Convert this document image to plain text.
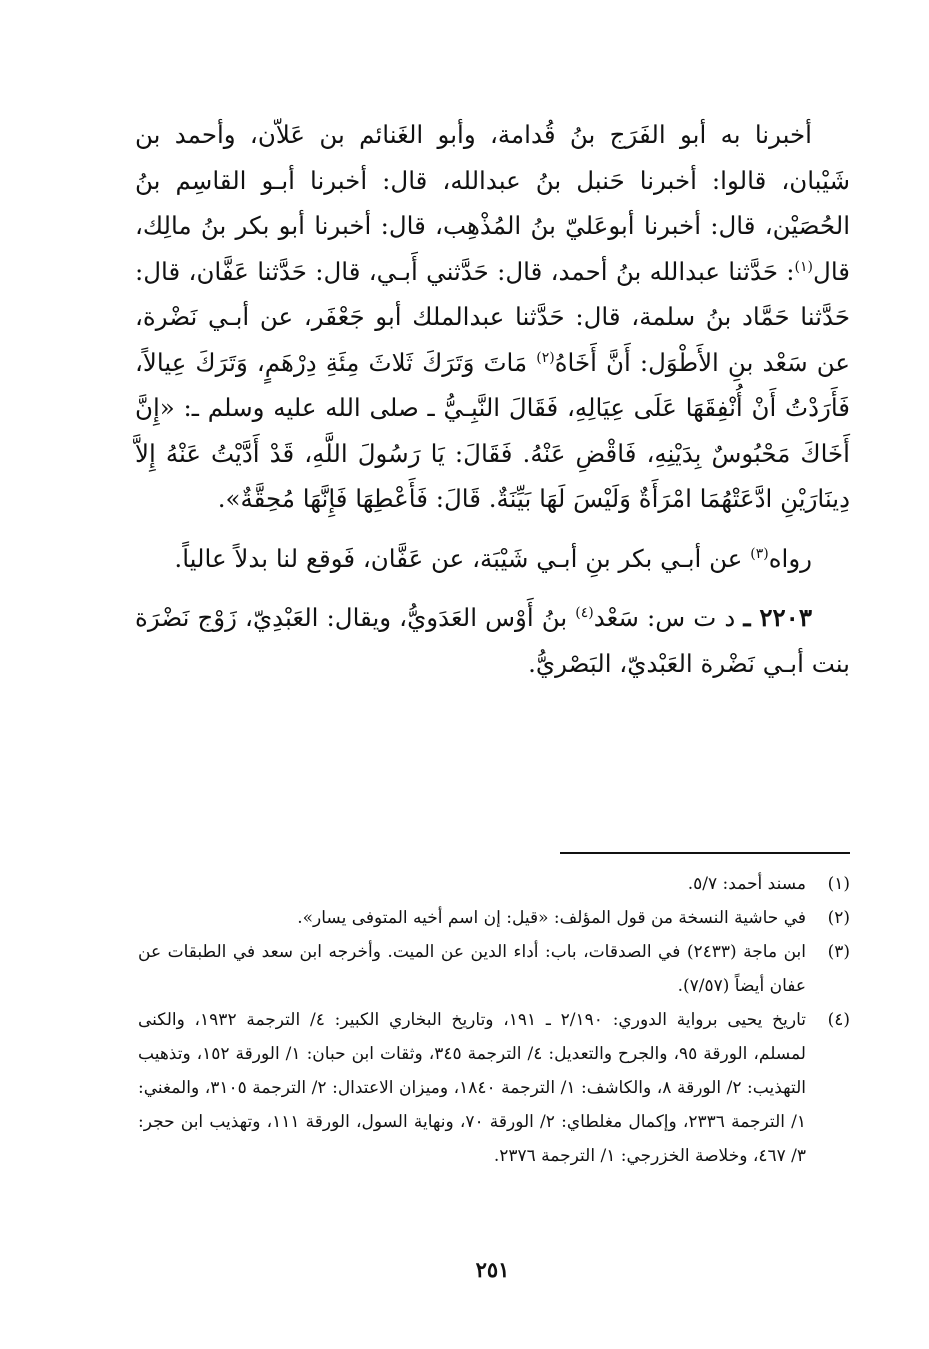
أخبرنا به أبو الفَرَج بنُ قُدامة، وأبو الغَنائم بن عَلاّن، وأحمد بن شَيْبان، قالوا: أخبرنا حَنبل بنُ عبدالله، قال: أخبرنا أبـو القاسِم بنُ الحُصَيْن، قال: أخبرنا أبوعَليّ بنُ المُذْهِب، قال: أخبرنا أبو بكر بنُ مالِك، قال$^{(١)}$: حَدَّثنا عبدالله بنُ أحمد، قال: حَدَّثني أَبـي، قال: حَدَّثنا عَفَّان، قال: حَدَّثنا حَمَّاد بنُ سلمة، قال: حَدَّثنا عبدالملك أبو جَعْفَر، عن أبـي نَضْرة، عن سَعْد بنِ الأَطْوَل: أَنَّ أَخَاهُ$^{(٢)}$ مَاتَ وَتَرَكَ ثَلاثَ مِئَةِ دِرْهَمٍ، وَتَرَكَ عِيالاً، فَأَرَدْتُ أَنْ أُنْفِقَهَا عَلَى عِيَالِهِ، فَقَالَ النَّبِـيُّ ـ صلى الله عليه وسلم ـ: «إِنَّ أَخَاكَ مَحْبُوسٌ بِدَيْنِهِ، فَاقْضِ عَنْهُ. فَقَالَ: يَا رَسُولَ اللَّهِ، قَدْ أَدَّيْتُ عَنْهُ إِلاَّ دِينَارَيْنِ ادَّعَتْهُمَا امْرَأَةٌ وَلَيْسَ لَهَا بَيِّنَةٌ. قَالَ: فَأَعْطِهَا فَإِنَّهَا مُحِقَّةٌ».

رواه$^{(٣)}$ عن أبـي بكر بنِ أبـي شَيْبَة، عن عَفَّان، فَوقع لنا بدلاً عالياً.

٢٢٠٣ ـ د ت س: سَعْد$^{(٤)}$ بنُ أَوْس العَدَويُّ، ويقال: العَبْدِيّ، زَوْج نَضْرَة بنت أبـي نَضْرة العَبْديّ، البَصْريُّ.

(١)
مسند أحمد: ٥/٧.
(٢)
في حاشية النسخة من قول المؤلف: «قيل: إن اسم أخيه المتوفى يسار».
(٣)
ابن ماجة (٢٤٣٣) في الصدقات، باب: أداء الدين عن الميت. وأخرجه ابن سعد في الطبقات عن عفان أيضاً (٧/٥٧).
(٤)
تاريخ يحيى برواية الدوري: ٢/١٩٠ ـ ١٩١، وتاريخ البخاري الكبير: ٤/ الترجمة ١٩٣٢، والكنى لمسلم، الورقة ٩٥، والجرح والتعديل: ٤/ الترجمة ٣٤٥، وثقات ابن حبان: ١/ الورقة ١٥٢، وتذهيب التهذيب: ٢/ الورقة ٨، والكاشف: ١/ الترجمة ١٨٤٠، وميزان الاعتدال: ٢/ الترجمة ٣١٠٥، والمغني: ١/ الترجمة ٢٣٣٦، وإكمال مغلطاي: ٢/ الورقة ٧٠، ونهاية السول، الورقة ١١١، وتهذيب ابن حجر: ٣/ ٤٦٧، وخلاصة الخزرجي: ١/ الترجمة ٢٣٧٦.
٢٥١
